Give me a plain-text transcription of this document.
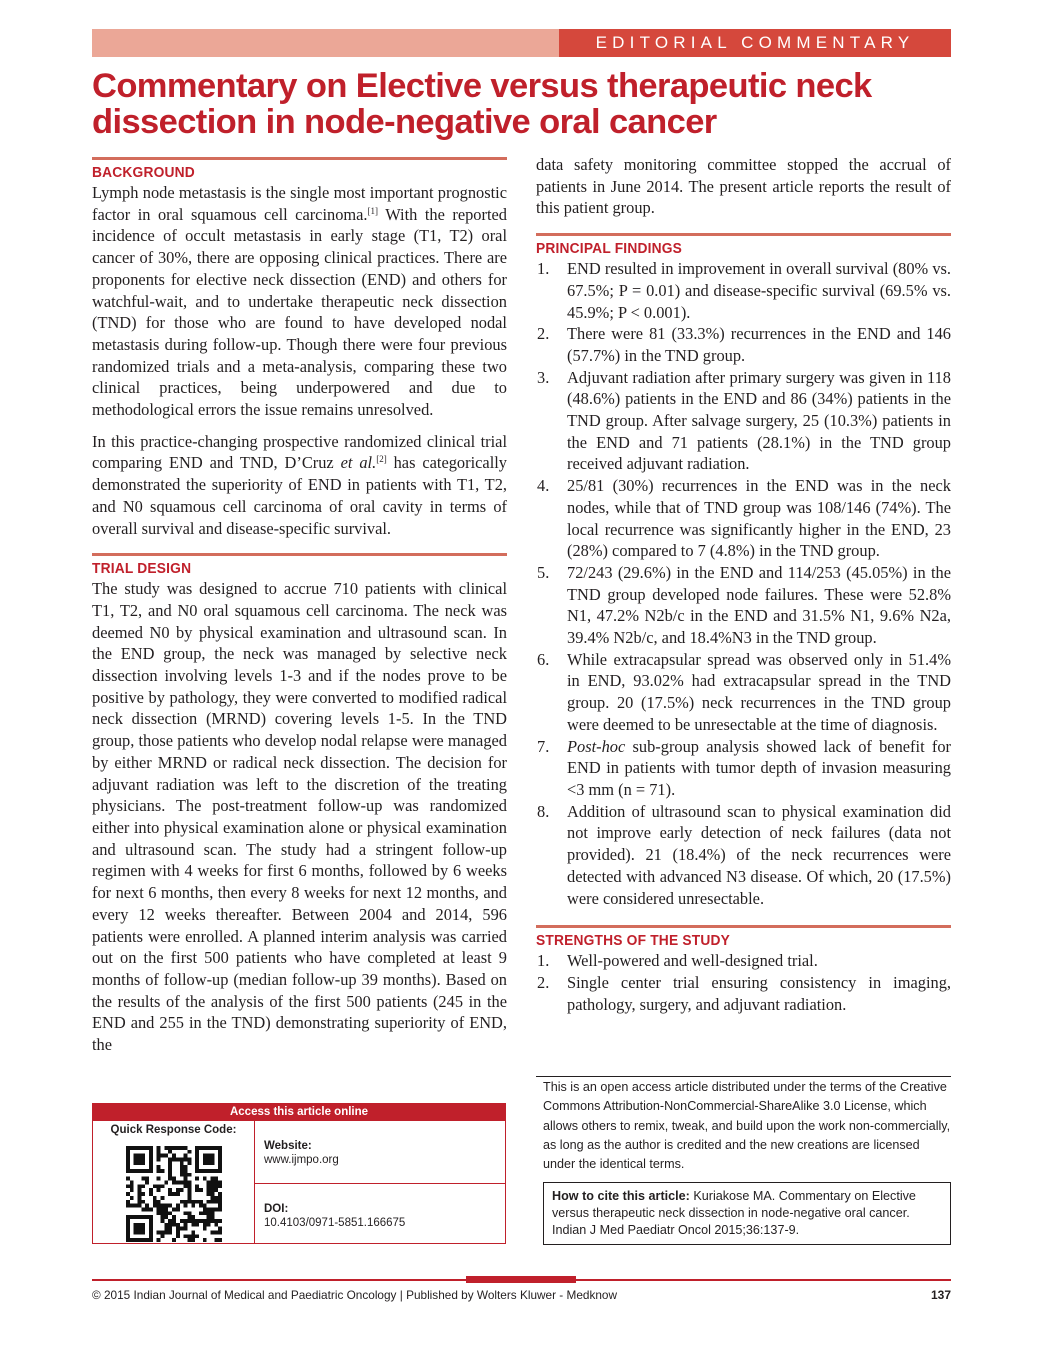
EDITORIAL COMMENTARY
Commentary on Elective versus therapeutic neck
dissection in node-negative oral cancer
BACKGROUND

Lymph node metastasis is the single most important prognostic factor in oral squamous cell carcinoma.[1] With the reported incidence of occult metastasis in early stage (T1, T2) oral cancer of 30%, there are opposing clinical practices. There are proponents for elective neck dissection (END) and others for watchful-wait, and to undertake therapeutic neck dissection (TND) for those who are found to have developed nodal metastasis during follow-up. Though there were four previous randomized trials and a meta-analysis, comparing these two clinical practices, being underpowered and due to methodological errors the issue remains unresolved.

In this practice-changing prospective randomized clinical trial comparing END and TND, D’Cruz et al.[2] has categorically demonstrated the superiority of END in patients with T1, T2, and N0 squamous cell carcinoma of oral cavity in terms of overall survival and disease-specific survival.

TRIAL DESIGN

The study was designed to accrue 710 patients with clinical T1, T2, and N0 oral squamous cell carcinoma. The neck was deemed N0 by physical examination and ultrasound scan. In the END group, the neck was managed by selective neck dissection involving levels 1-3 and if the nodes prove to be positive by pathology, they were converted to modified radical neck dissection (MRND) covering levels 1-5. In the TND group, those patients who develop nodal relapse were managed by either MRND or radical neck dissection. The decision for adjuvant radiation was left to the discretion of the treating physicians. The post-treatment follow-up was randomized either into physical examination alone or physical examination and ultrasound scan. The study had a stringent follow-up regimen with 4 weeks for first 6 months, followed by 6 weeks for next 6 months, then every 8 weeks for next 12 months, and every 12 weeks thereafter. Between 2004 and 2014, 596 patients were enrolled. A planned interim analysis was carried out on the first 500 patients who have completed at least 9 months of follow-up (median follow-up 39 months). Based on the results of the analysis of the first 500 patients (245 in the END and 255 in the TND) demonstrating superiority of END, the

Access this article online
Quick Response Code:
Website:
www.ijmpo.org
DOI:
10.4103/0971-5851.166675

data safety monitoring committee stopped the accrual of patients in June 2014. The present article reports the result of this patient group.

PRINCIPAL FINDINGS
1. END resulted in improvement in overall survival (80% vs. 67.5%; P = 0.01) and disease-specific survival (69.5% vs. 45.9%; P < 0.001).
2. There were 81 (33.3%) recurrences in the END and 146 (57.7%) in the TND group.
3. Adjuvant radiation after primary surgery was given in 118 (48.6%) patients in the END and 86 (34%) patients in the TND group. After salvage surgery, 25 (10.3%) patients in the END and 71 patients (28.1%) in the TND group received adjuvant radiation.
4. 25/81 (30%) recurrences in the END was in the neck nodes, while that of TND group was 108/146 (74%). The local recurrence was significantly higher in the END, 23 (28%) compared to 7 (4.8%) in the TND group.
5. 72/243 (29.6%) in the END and 114/253 (45.05%) in the TND group developed node failures. These were 52.8% N1, 47.2% N2b/c in the END and 31.5% N1, 9.6% N2a, 39.4% N2b/c, and 18.4%N3 in the TND group.
6. While extracapsular spread was observed only in 51.4% in END, 93.02% had extracapsular spread in the TND group. 20 (17.5%) neck recurrences in the TND group were deemed to be unresectable at the time of diagnosis.
7. Post-hoc sub-group analysis showed lack of benefit for END in patients with tumor depth of invasion measuring <3 mm (n = 71).
8. Addition of ultrasound scan to physical examination did not improve early detection of neck failures (data not provided). 21 (18.4%) of the neck recurrences were detected with advanced N3 disease. Of which, 20 (17.5%) were considered unresectable.
STRENGTHS OF THE STUDY
1. Well-powered and well-designed trial.
2. Single center trial ensuring consistency in imaging, pathology, surgery, and adjuvant radiation.
This is an open access article distributed under the terms of the Creative Commons Attribution-NonCommercial-ShareAlike 3.0 License, which allows others to remix, tweak, and build upon the work non-commercially, as long as the author is credited and the new creations are licensed under the identical terms.
How to cite this article: Kuriakose MA. Commentary on Elective versus therapeutic neck dissection in node-negative oral cancer. Indian J Med Paediatr Oncol 2015;36:137-9.
© 2015 Indian Journal of Medical and Paediatric Oncology | Published by Wolters Kluwer - Medknow	137
